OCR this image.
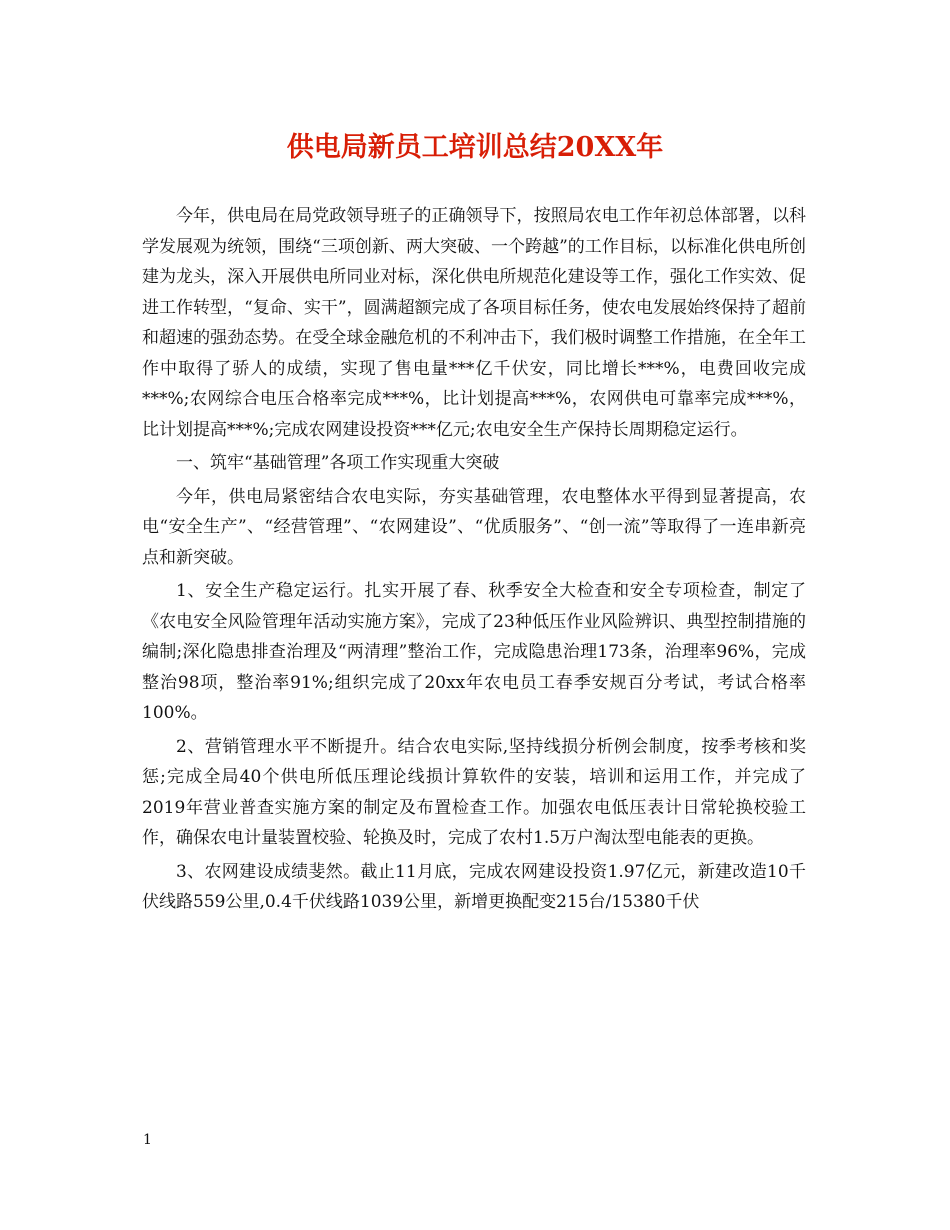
供电局新员工培训总结20XX年

今年，供电局在局党政领导班子的正确领导下，按照局农电工作年初总体部署，以科学发展观为统领，围绕“三项创新、两大突破、一个跨越”的工作目标，以标准化供电所创建为龙头，深入开展供电所同业对标，深化供电所规范化建设等工作，强化工作实效、促进工作转型，“复命、实干”，圆满超额完成了各项目标任务，使农电发展始终保持了超前和超速的强劲态势。在受全球金融危机的不利冲击下，我们极时调整工作措施，在全年工作中取得了骄人的成绩，实现了售电量***亿千伏安，同比增长***%，电费回收完成***%;农网综合电压合格率完成***%，比计划提高***%，农网供电可靠率完成***%，比计划提高***%;完成农网建设投资***亿元;农电安全生产保持长周期稳定运行。

一、筑牢“基础管理”各项工作实现重大突破

今年，供电局紧密结合农电实际，夯实基础管理，农电整体水平得到显著提高，农电“安全生产”、“经营管理”、“农网建设”、“优质服务”、“创一流”等取得了一连串新亮点和新突破。

1、安全生产稳定运行。扎实开展了春、秋季安全大检查和安全专项检查，制定了《农电安全风险管理年活动实施方案》，完成了23种低压作业风险辨识、典型控制措施的编制;深化隐患排查治理及“两清理”整治工作，完成隐患治理173条，治理率96%，完成整治98项，整治率91%;组织完成了20xx年农电员工春季安规百分考试，考试合格率100%。

2、营销管理水平不断提升。结合农电实际,坚持线损分析例会制度，按季考核和奖惩;完成全局40个供电所低压理论线损计算软件的安装，培训和运用工作，并完成了2019年营业普查实施方案的制定及布置检查工作。加强农电低压表计日常轮换校验工作，确保农电计量装置校验、轮换及时，完成了农村1.5万户淘汰型电能表的更换。

3、农网建设成绩斐然。截止11月底，完成农网建设投资1.97亿元，新建改造10千伏线路559公里,0.4千伏线路1039公里，新增更换配变215台/15380千伏

1
